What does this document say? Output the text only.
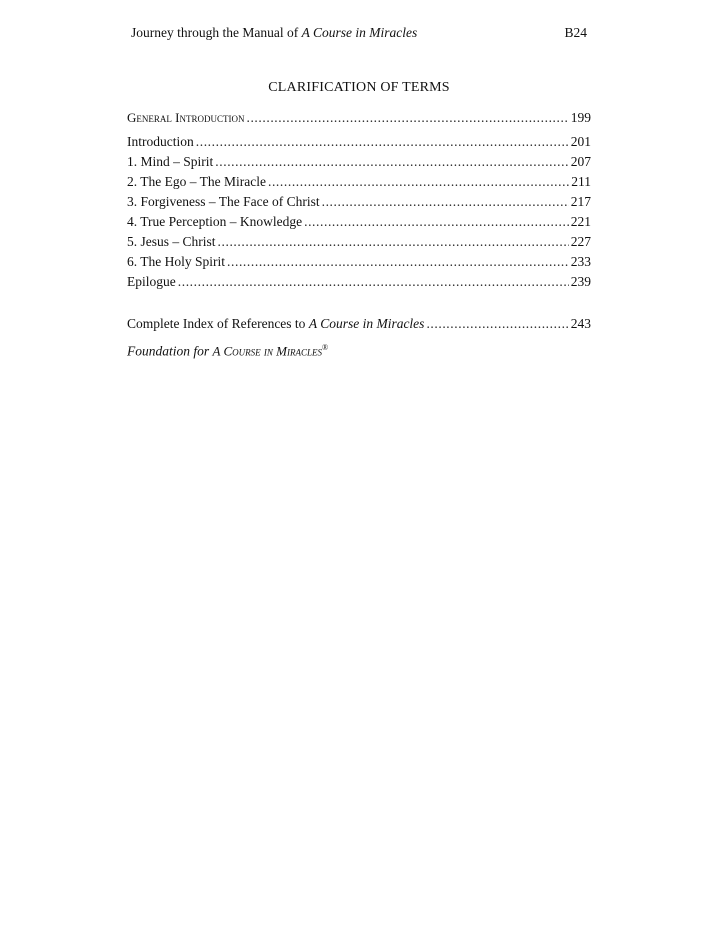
Journey through the Manual of A Course in Miracles	B24
CLARIFICATION OF TERMS
General Introduction .....	199
Introduction .....	201
1. Mind – Spirit .....	207
2. The Ego – The Miracle .....	211
3. Forgiveness – The Face of Christ .....	217
4. True Perception – Knowledge .....	221
5. Jesus – Christ .....	227
6. The Holy Spirit .....	233
Epilogue .....	239
Complete Index of References to A Course in Miracles .....	243
Foundation for A Course in Miracles®
